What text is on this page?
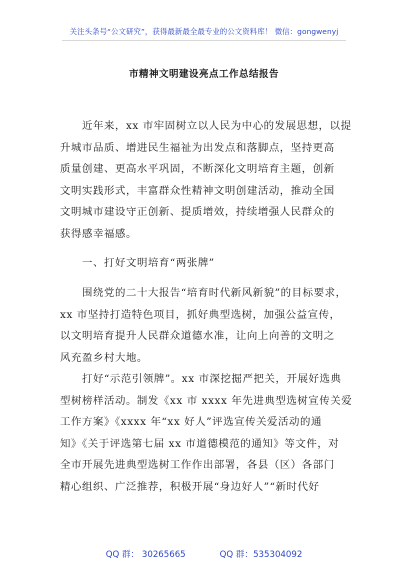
关注头条号“公文研究”，获得最新最全最专业的公文资料库！ 微信：gongwenyj
市精神文明建设亮点工作总结报告
近年来，xx 市牢固树立以人民为中心的发展思想，以提
升城市品质、增进民生福祉为出发点和落脚点，坚持更高
质量创建、更高水平巩固，不断深化文明培育主题，创新
文明实践形式，丰富群众性精神文明创建活动，推动全国
文明城市建设守正创新、提质增效，持续增强人民群众的
获得感幸福感。
一、打好文明培育“两张牌”
围绕党的二十大报告“培育时代新风新貌”的目标要求，
xx 市坚持打造特色项目，抓好典型选树，加强公益宣传，
以文明培育提升人民群众道德水准，让向上向善的文明之
风充盈乡村大地。
打好“示范引领牌”。xx 市深挖掘严把关，开展好选典
型树榜样活动。制发《xx 市 xxxx 年先进典型选树宣传关爱
工作方案》《xxxx 年“xx 好人”评选宣传关爱活动的通
知》《关于评选第七届 xx 市道德模范的通知》等文件，对
全市开展先进典型选树工作作出部署，各县（区）各部门
精心组织、广泛推荐，积极开展“身边好人”“新时代好
QQ 群： 30265665	QQ 群：535304092
